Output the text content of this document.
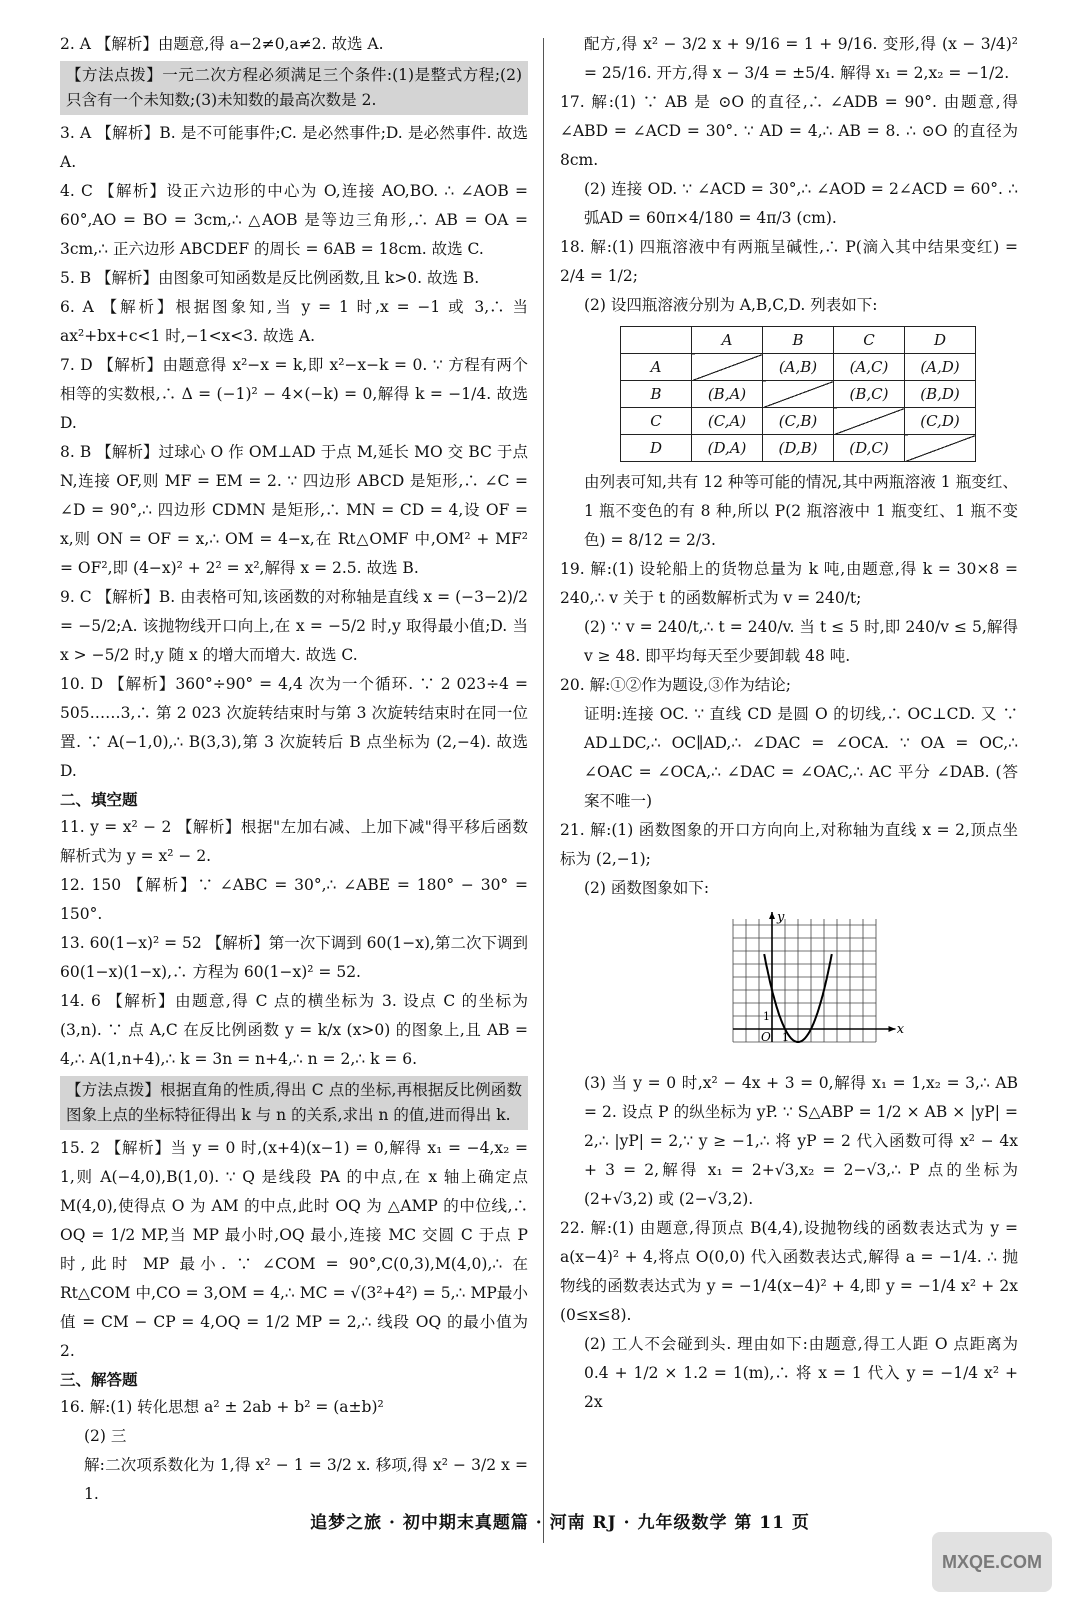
2. A 【解析】由题意,得 a−2≠0,a≠2. 故选 A.

【方法点拨】一元二次方程必须满足三个条件:(1)是整式方程;(2)只含有一个未知数;(3)未知数的最高次数是 2.

3. A 【解析】B. 是不可能事件;C. 是必然事件;D. 是必然事件. 故选 A.

4. C 【解析】设正六边形的中心为 O,连接 AO,BO. ∴ ∠AOB = 60°,AO = BO = 3cm,∴ △AOB 是等边三角形,∴ AB = OA = 3cm,∴ 正六边形 ABCDEF 的周长 = 6AB = 18cm. 故选 C.

5. B 【解析】由图象可知函数是反比例函数,且 k>0. 故选 B.

6. A 【解析】根据图象知,当 y = 1 时,x = −1 或 3,∴ 当 ax²+bx+c<1 时,−1<x<3. 故选 A.

7. D 【解析】由题意得 x²−x = k,即 x²−x−k = 0. ∵ 方程有两个相等的实数根,∴ Δ = (−1)² − 4×(−k) = 0,解得 k = −1/4. 故选 D.

8. B 【解析】过球心 O 作 OM⊥AD 于点 M,延长 MO 交 BC 于点 N,连接 OF,则 MF = EM = 2. ∵ 四边形 ABCD 是矩形,∴ ∠C = ∠D = 90°,∴ 四边形 CDMN 是矩形,∴ MN = CD = 4,设 OF = x,则 ON = OF = x,∴ OM = 4−x,在 Rt△OMF 中,OM² + MF² = OF²,即 (4−x)² + 2² = x²,解得 x = 2.5. 故选 B.

9. C 【解析】B. 由表格可知,该函数的对称轴是直线 x = (−3−2)/2 = −5/2;A. 该抛物线开口向上,在 x = −5/2 时,y 取得最小值;D. 当 x > −5/2 时,y 随 x 的增大而增大. 故选 C.

10. D 【解析】360°÷90° = 4,4 次为一个循环. ∵ 2 023÷4 = 505……3,∴ 第 2 023 次旋转结束时与第 3 次旋转结束时在同一位置. ∵ A(−1,0),∴ B(3,3),第 3 次旋转后 B 点坐标为 (2,−4). 故选 D.

二、填空题

11. y = x² − 2 【解析】根据"左加右减、上加下减"得平移后函数解析式为 y = x² − 2.

12. 150 【解析】∵ ∠ABC = 30°,∴ ∠ABE = 180° − 30° = 150°.

13. 60(1−x)² = 52 【解析】第一次下调到 60(1−x),第二次下调到 60(1−x)(1−x),∴ 方程为 60(1−x)² = 52.

14. 6 【解析】由题意,得 C 点的横坐标为 3. 设点 C 的坐标为 (3,n). ∵ 点 A,C 在反比例函数 y = k/x (x>0) 的图象上,且 AB = 4,∴ A(1,n+4),∴ k = 3n = n+4,∴ n = 2,∴ k = 6.

【方法点拨】根据直角的性质,得出 C 点的坐标,再根据反比例函数图象上点的坐标特征得出 k 与 n 的关系,求出 n 的值,进而得出 k.

15. 2 【解析】当 y = 0 时,(x+4)(x−1) = 0,解得 x₁ = −4,x₂ = 1,则 A(−4,0),B(1,0). ∵ Q 是线段 PA 的中点,在 x 轴上确定点 M(4,0),使得点 O 为 AM 的中点,此时 OQ 为 △AMP 的中位线,∴ OQ = 1/2 MP,当 MP 最小时,OQ 最小,连接 MC 交圆 C 于点 P 时,此时 MP 最小. ∵ ∠COM = 90°,C(0,3),M(4,0),∴ 在 Rt△COM 中,CO = 3,OM = 4,∴ MC = √(3²+4²) = 5,∴ MP最小值 = CM − CP = 4,OQ = 1/2 MP = 2,∴ 线段 OQ 的最小值为 2.

三、解答题

16. 解:(1) 转化思想 a² ± 2ab + b² = (a±b)²

(2) 三

解:二次项系数化为 1,得 x² − 1 = 3/2 x. 移项,得 x² − 3/2 x = 1.

配方,得 x² − 3/2 x + 9/16 = 1 + 9/16. 变形,得 (x − 3/4)² = 25/16. 开方,得 x − 3/4 = ±5/4. 解得 x₁ = 2,x₂ = −1/2.

17. 解:(1) ∵ AB 是 ⊙O 的直径,∴ ∠ADB = 90°. 由题意,得 ∠ABD = ∠ACD = 30°. ∵ AD = 4,∴ AB = 8. ∴ ⊙O 的直径为 8cm.

(2) 连接 OD. ∵ ∠ACD = 30°,∴ ∠AOD = 2∠ACD = 60°. ∴ 弧AD = 60π×4/180 = 4π/3 (cm).

18. 解:(1) 四瓶溶液中有两瓶呈碱性,∴ P(滴入其中结果变红) = 2/4 = 1/2;

(2) 设四瓶溶液分别为 A,B,C,D. 列表如下:

	A	B	C	D
A		(A,B)	(A,C)	(A,D)
B	(B,A)		(B,C)	(B,D)
C	(C,A)	(C,B)		(C,D)
D	(D,A)	(D,B)	(D,C)	

由列表可知,共有 12 种等可能的情况,其中两瓶溶液 1 瓶变红、1 瓶不变色的有 8 种,所以 P(2 瓶溶液中 1 瓶变红、1 瓶不变色) = 8/12 = 2/3.

19. 解:(1) 设轮船上的货物总量为 k 吨,由题意,得 k = 30×8 = 240,∴ v 关于 t 的函数解析式为 v = 240/t;

(2) ∵ v = 240/t,∴ t = 240/v. 当 t ≤ 5 时,即 240/v ≤ 5,解得 v ≥ 48. 即平均每天至少要卸载 48 吨.

20. 解:①②作为题设,③作为结论;

证明:连接 OC. ∵ 直线 CD 是圆 O 的切线,∴ OC⊥CD. 又 ∵ AD⊥DC,∴ OC∥AD,∴ ∠DAC = ∠OCA. ∵ OA = OC,∴ ∠OAC = ∠OCA,∴ ∠DAC = ∠OAC,∴ AC 平分 ∠DAB. (答案不唯一)

21. 解:(1) 函数图象的开口方向向上,对称轴为直线 x = 2,顶点坐标为 (2,−1);

(2) 函数图象如下:

x
y
O
1
1

(3) 当 y = 0 时,x² − 4x + 3 = 0,解得 x₁ = 1,x₂ = 3,∴ AB = 2. 设点 P 的纵坐标为 yP. ∵ S△ABP = 1/2 × AB × |yP| = 2,∴ |yP| = 2,∵ y ≥ −1,∴ 将 yP = 2 代入函数可得 x² − 4x + 3 = 2,解得 x₁ = 2+√3,x₂ = 2−√3,∴ P 点的坐标为 (2+√3,2) 或 (2−√3,2).

22. 解:(1) 由题意,得顶点 B(4,4),设抛物线的函数表达式为 y = a(x−4)² + 4,将点 O(0,0) 代入函数表达式,解得 a = −1/4. ∴ 抛物线的函数表达式为 y = −1/4(x−4)² + 4,即 y = −1/4 x² + 2x (0≤x≤8).

(2) 工人不会碰到头. 理由如下:由题意,得工人距 O 点距离为 0.4 + 1/2 × 1.2 = 1(m),∴ 将 x = 1 代入 y = −1/4 x² + 2x

追梦之旅 · 初中期末真题篇 · 河南 RJ · 九年级数学 第 11 页
MXQE.COM
